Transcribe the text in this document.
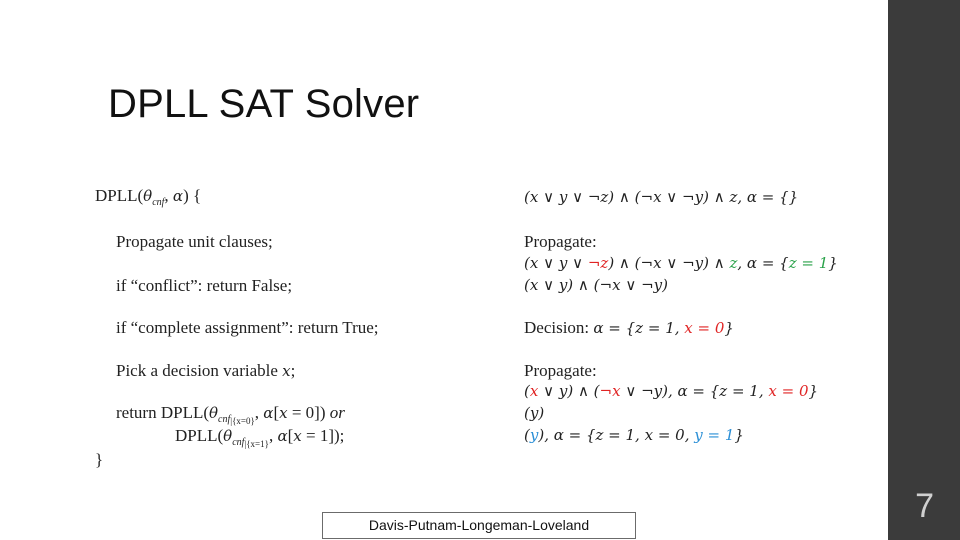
DPLL SAT Solver
$DPLL(\theta_{cnf}$, α) {
Propagate unit clauses;
if “conflict”: return False;
if “complete assignment”: return True;
Pick a decision variable x;
return $DPLL(\theta_{cnf|\{x=0\}}$, α[x = 0]) or
$DPLL(\theta_{cnf|\{x=1\}}$, α[x = 1]);
}
(x ∨ y ∨ ¬z) ∧ (¬x ∨ ¬y) ∧ z, α = {}
Propagate:
(x ∨ y ∨ ¬z) ∧ (¬x ∨ ¬y) ∧ z, α = {z = 1}
(x ∨ y) ∧ (¬x ∨ ¬y)
Decision: α = {z = 1, x = 0}
Propagate:
(x ∨ y) ∧ (¬x ∨ ¬y), α = {z = 1, x = 0}
(y)
(y), α = {z = 1, x = 0, y = 1}
Davis-Putnam-Longeman-Loveland	7
